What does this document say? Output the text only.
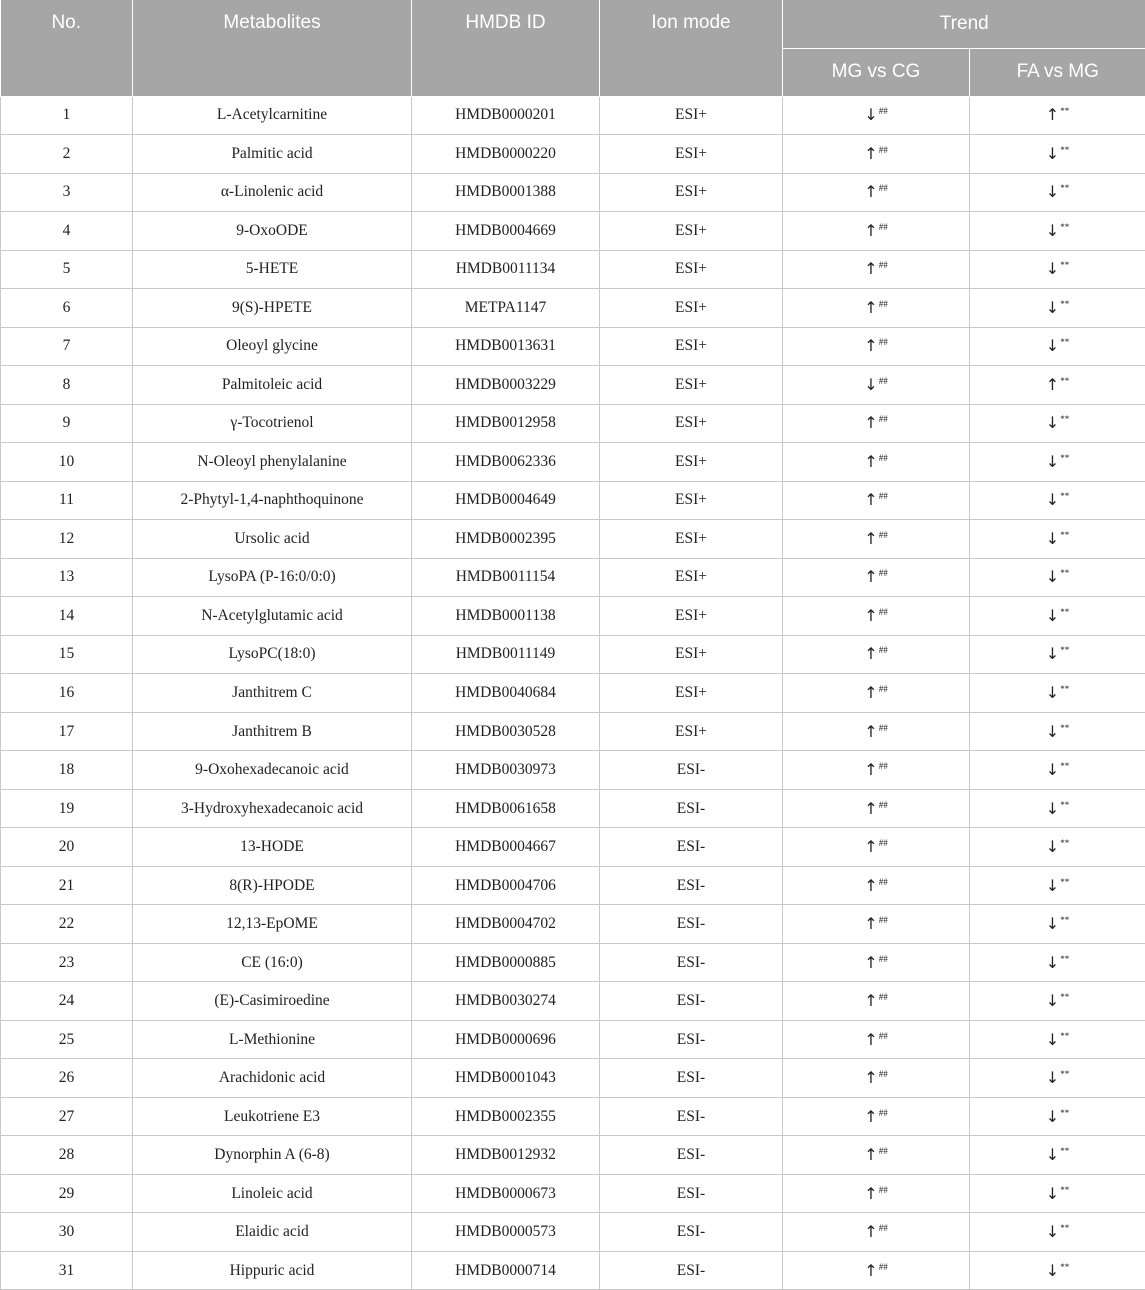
No.	Metabolites	HMDB ID	Ion mode	Trend	
				MG vs CG	FA vs MG
1	L-Acetylcarnitine	HMDB0000201	ESI+	↓##	↑**
2	Palmitic acid	HMDB0000220	ESI+	↑##	↓**
3	α-Linolenic acid	HMDB0001388	ESI+	↑##	↓**
4	9-OxoODE	HMDB0004669	ESI+	↑##	↓**
5	5-HETE	HMDB0011134	ESI+	↑##	↓**
6	9(S)-HPETE	METPA1147	ESI+	↑##	↓**
7	Oleoyl glycine	HMDB0013631	ESI+	↑##	↓**
8	Palmitoleic acid	HMDB0003229	ESI+	↓##	↑**
9	γ-Tocotrienol	HMDB0012958	ESI+	↑##	↓**
10	N-Oleoyl phenylalanine	HMDB0062336	ESI+	↑##	↓**
11	2-Phytyl-1,4-naphthoquinone	HMDB0004649	ESI+	↑##	↓**
12	Ursolic acid	HMDB0002395	ESI+	↑##	↓**
13	LysoPA (P-16:0/0:0)	HMDB0011154	ESI+	↑##	↓**
14	N-Acetylglutamic acid	HMDB0001138	ESI+	↑##	↓**
15	LysoPC(18:0)	HMDB0011149	ESI+	↑##	↓**
16	Janthitrem C	HMDB0040684	ESI+	↑##	↓**
17	Janthitrem B	HMDB0030528	ESI+	↑##	↓**
18	9-Oxohexadecanoic acid	HMDB0030973	ESI-	↑##	↓**
19	3-Hydroxyhexadecanoic acid	HMDB0061658	ESI-	↑##	↓**
20	13-HODE	HMDB0004667	ESI-	↑##	↓**
21	8(R)-HPODE	HMDB0004706	ESI-	↑##	↓**
22	12,13-EpOME	HMDB0004702	ESI-	↑##	↓**
23	CE (16:0)	HMDB0000885	ESI-	↑##	↓**
24	(E)-Casimiroedine	HMDB0030274	ESI-	↑##	↓**
25	L-Methionine	HMDB0000696	ESI-	↑##	↓**
26	Arachidonic acid	HMDB0001043	ESI-	↑##	↓**
27	Leukotriene E3	HMDB0002355	ESI-	↑##	↓**
28	Dynorphin A (6-8)	HMDB0012932	ESI-	↑##	↓**
29	Linoleic acid	HMDB0000673	ESI-	↑##	↓**
30	Elaidic acid	HMDB0000573	ESI-	↑##	↓**
31	Hippuric acid	HMDB0000714	ESI-	↑##	↓**
